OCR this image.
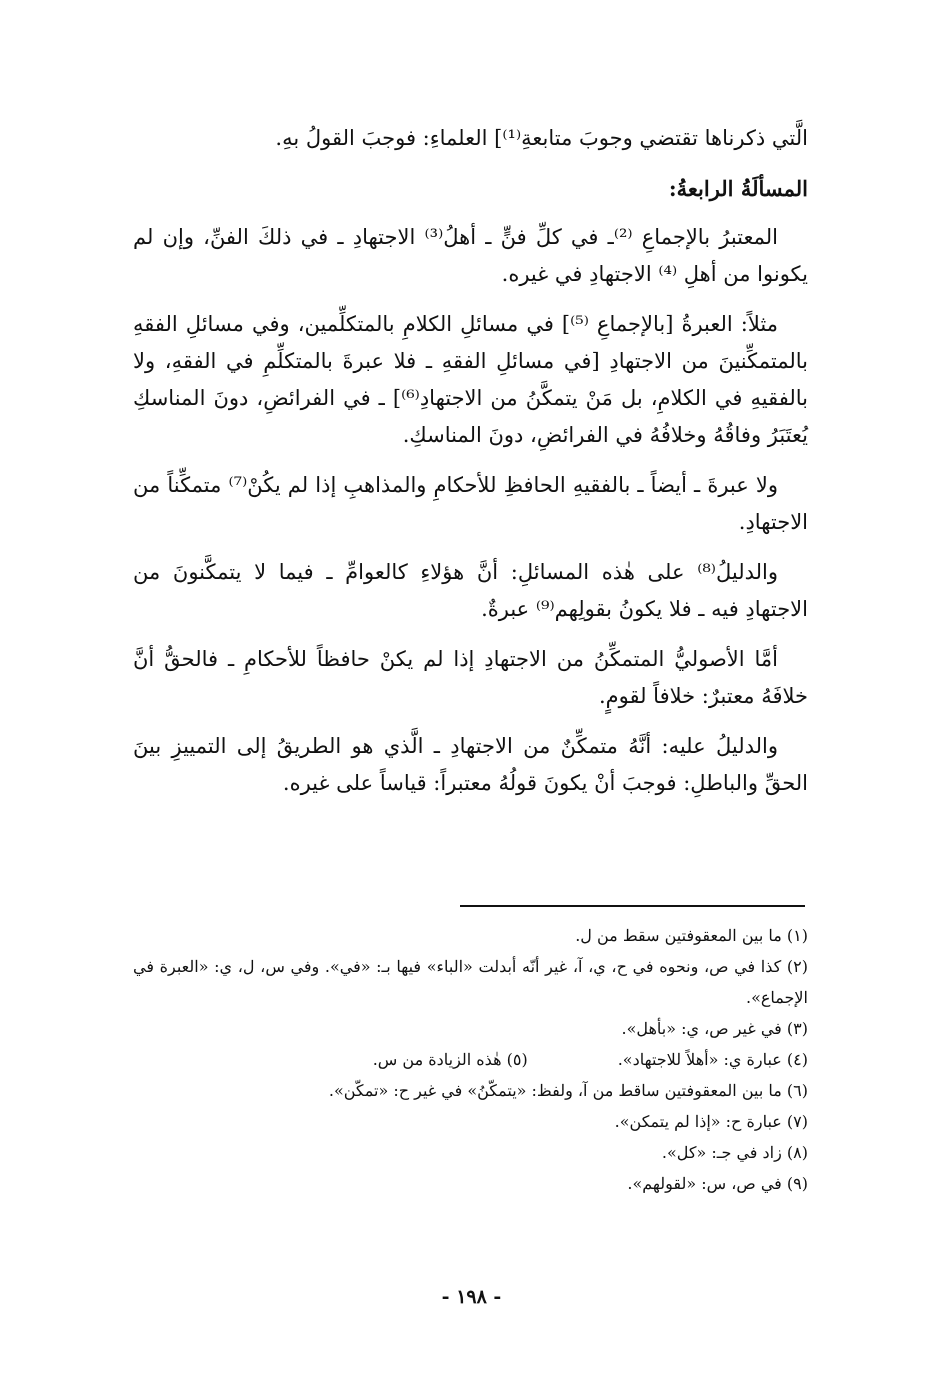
الَّتي ذكرناها تقتضي وجوبَ متابعةِ⁽¹⁾] العلماءِ: فوجبَ القولُ بهِ.

المسألَةُ الرابعةُ:

المعتبرُ بالإجماعِ ⁽²⁾ـ في كلِّ فنٍّ ـ أهلُ⁽³⁾ الاجتهادِ ـ في ذلكَ الفنِّ، وإن لم يكونوا من أهلِ ⁽⁴⁾ الاجتهادِ في غيره.

مثلاً: العبرةُ [بالإجماعِ ⁽⁵⁾] في مسائلِ الكلامِ بالمتكلِّمين، وفي مسائلِ الفقهِ بالمتمكِّنينَ من الاجتهادِ [في مسائلِ الفقهِ ـ فلا عبرةَ بالمتكلِّمِ في الفقهِ، ولا بالفقيهِ في الكلامِ، بل مَنْ يتمكَّنُ من الاجتهادِ⁽⁶⁾] ـ في الفرائضِ، دونَ المناسكِ يُعتَبَرُ وفاقُهُ وخلافُهُ في الفرائضِ، دونَ المناسكِ.

ولا عبرةَ ـ أيضاً ـ بالفقيهِ الحافظِ للأحكامِ والمذاهبِ إذا لم يكُنْ⁽⁷⁾ متمكِّناً من الاجتهادِ.

والدليلُ⁽⁸⁾ على هٰذه المسائلِ: أنَّ هؤلاءِ كالعوامِّ ـ فيما لا يتمكَّنونَ من الاجتهادِ فيه ـ فلا يكونُ بقولِهم⁽⁹⁾ عبرةٌ.

أمَّا الأصوليُّ المتمكِّنُ من الاجتهادِ إذا لم يكنْ حافظاً للأحكامِ ـ فالحقُّ أنَّ خلافَهُ معتبرٌ: خلافاً لقومٍ.

والدليلُ عليه: أنَّهُ متمكِّنٌ من الاجتهادِ ـ الَّذي هو الطريقُ إلى التمييزِ بينَ الحقِّ والباطلِ: فوجبَ أنْ يكونَ قولُهُ معتبراً: قياساً على غيره.

(١) ما بين المعقوفتين سقط من ل.

(٢) كذا في ص، ونحوه في ح، ي، آ، غير أنّه أبدلت «الباء» فيها بـ: «في». وفي س، ل، ي: «العبرة في الإجماع».

(٣) في غير ص، ي: «بأهل».

(٤) عبارة ي: «أهلاً للاجتهاد».

(٥) هٰذه الزيادة من س.

(٦) ما بين المعقوفتين ساقط من آ، ولفظ: «يتمكّنُ» في غير ح: «تمكّن».

(٧) عبارة ح: «إذا لم يتمكن».

(٨) زاد في جـ: «كل».

(٩) في ص، س: «لقولهم».

- ١٩٨ -
